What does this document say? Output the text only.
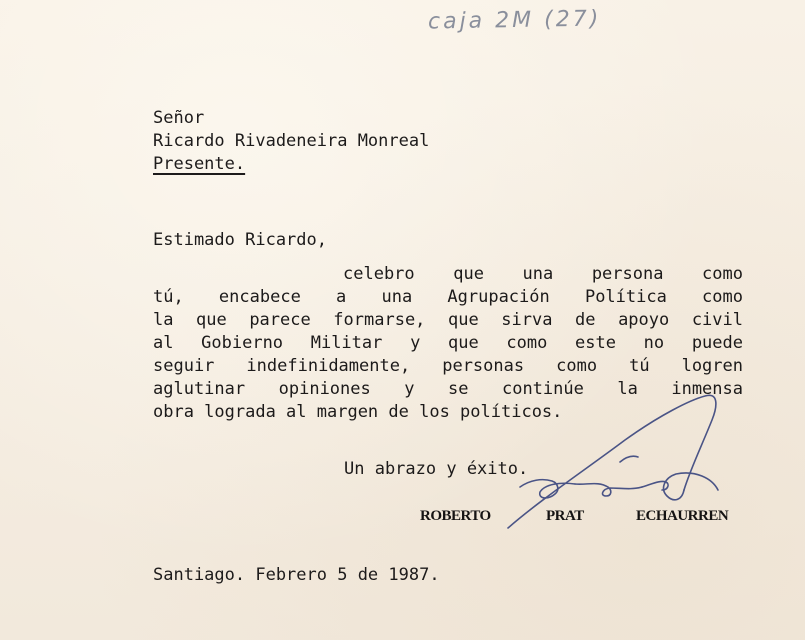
caja 2M (27)
Señor
Ricardo Rivadeneira Monreal
Presente.
Estimado Ricardo,
celebro que una persona como
tú, encabece a una Agrupación Política como
la que parece formarse, que sirva de apoyo civil
al Gobierno Militar y que como este no puede
seguir indefinidamente, personas como tú logren
aglutinar opiniones y se continúe la inmensa
obra lograda al margen de los políticos.
Un abrazo y éxito.
ROBERTO	PRAT	ECHAURREN
Santiago. Febrero 5 de 1987.
